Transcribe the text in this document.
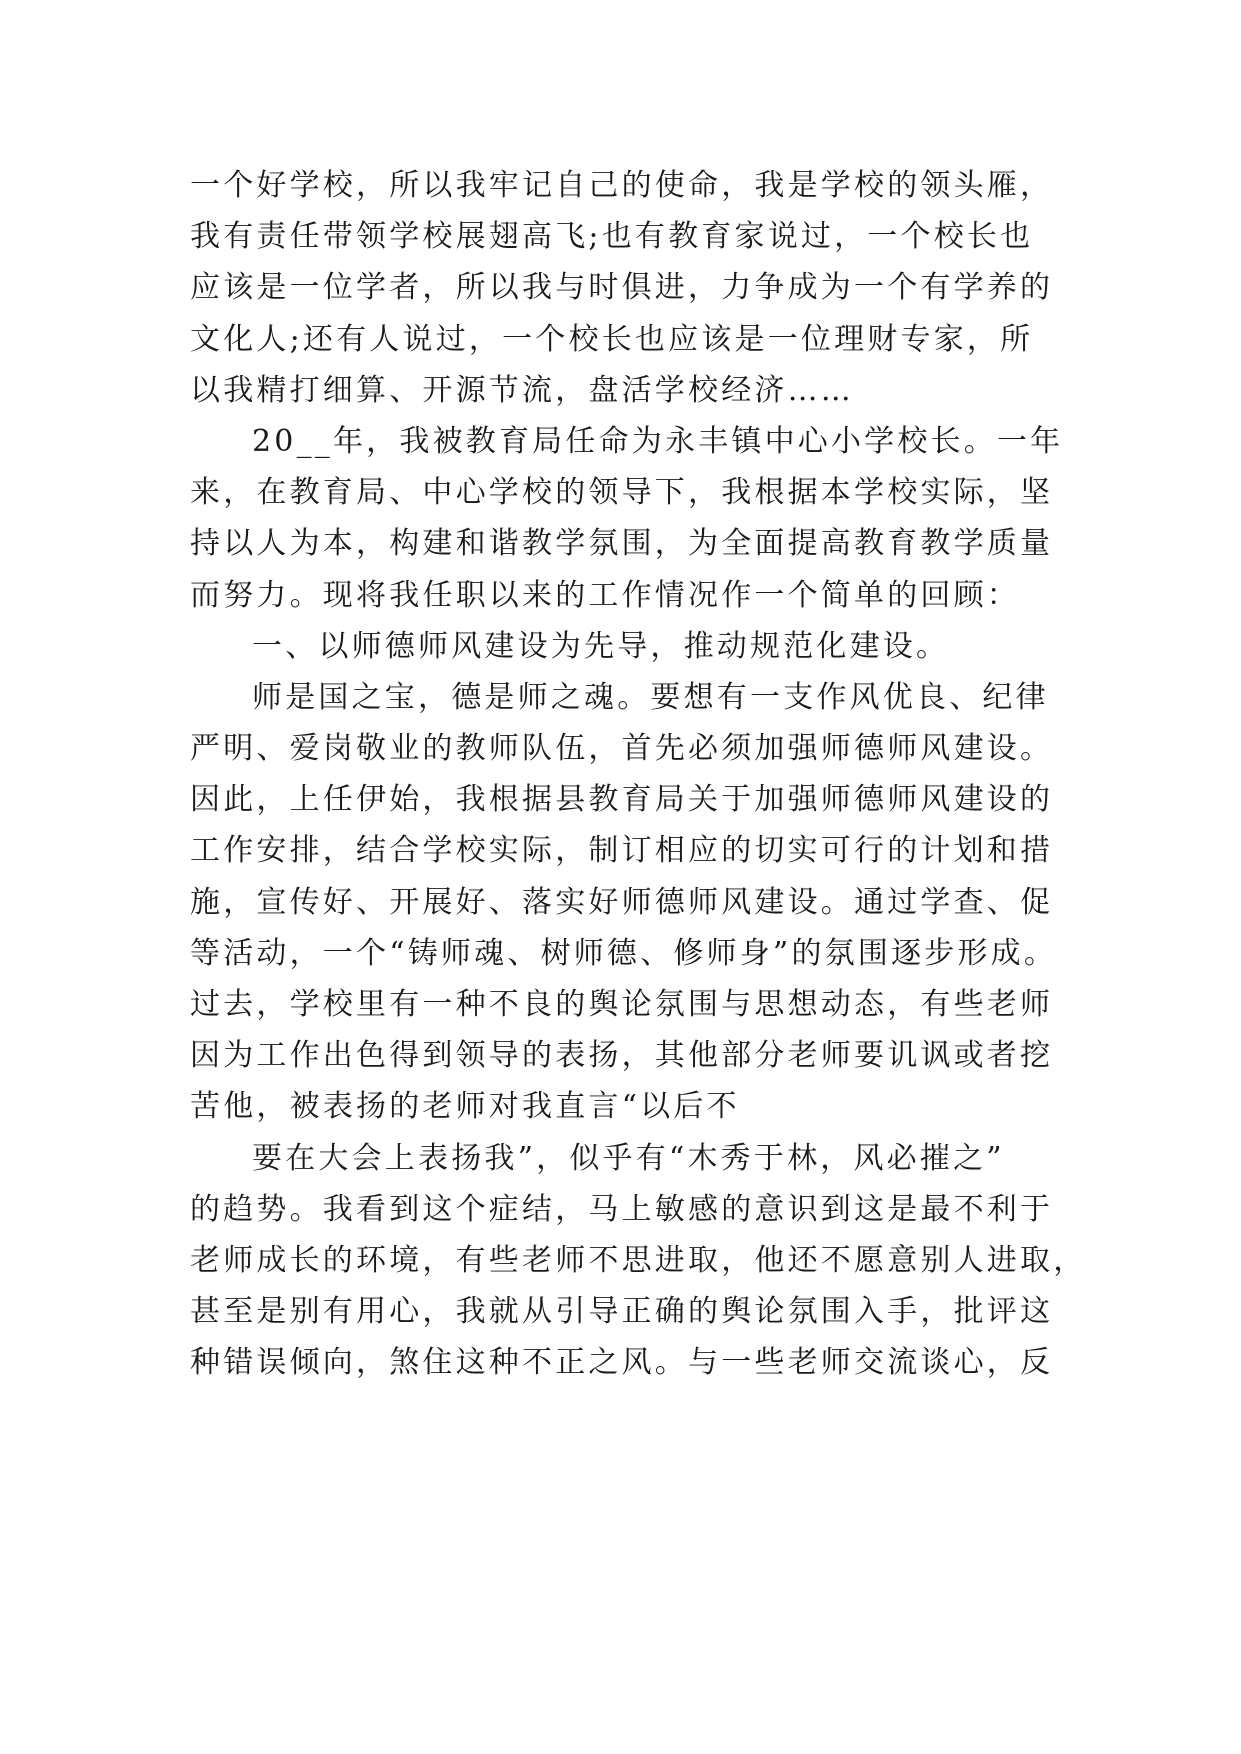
一个好学校，所以我牢记自己的使命，我是学校的领头雁，
我有责任带领学校展翅高飞;也有教育家说过，一个校长也
应该是一位学者，所以我与时俱进，力争成为一个有学养的
文化人;还有人说过，一个校长也应该是一位理财专家，所
以我精打细算、开源节流，盘活学校经济……
20__年，我被教育局任命为永丰镇中心小学校长。一年
来，在教育局、中心学校的领导下，我根据本学校实际，坚
持以人为本，构建和谐教学氛围，为全面提高教育教学质量
而努力。现将我任职以来的工作情况作一个简单的回顾：
一、以师德师风建设为先导，推动规范化建设。
师是国之宝，德是师之魂。要想有一支作风优良、纪律
严明、爱岗敬业的教师队伍，首先必须加强师德师风建设。
因此，上任伊始，我根据县教育局关于加强师德师风建设的
工作安排，结合学校实际，制订相应的切实可行的计划和措
施，宣传好、开展好、落实好师德师风建设。通过学查、促
等活动，一个“铸师魂、树师德、修师身”的氛围逐步形成。
过去，学校里有一种不良的舆论氛围与思想动态，有些老师
因为工作出色得到领导的表扬，其他部分老师要讥讽或者挖
苦他，被表扬的老师对我直言“以后不
要在大会上表扬我”，似乎有“木秀于林，风必摧之”
的趋势。我看到这个症结，马上敏感的意识到这是最不利于
老师成长的环境，有些老师不思进取，他还不愿意别人进取，
甚至是别有用心，我就从引导正确的舆论氛围入手，批评这
种错误倾向，煞住这种不正之风。与一些老师交流谈心，反
